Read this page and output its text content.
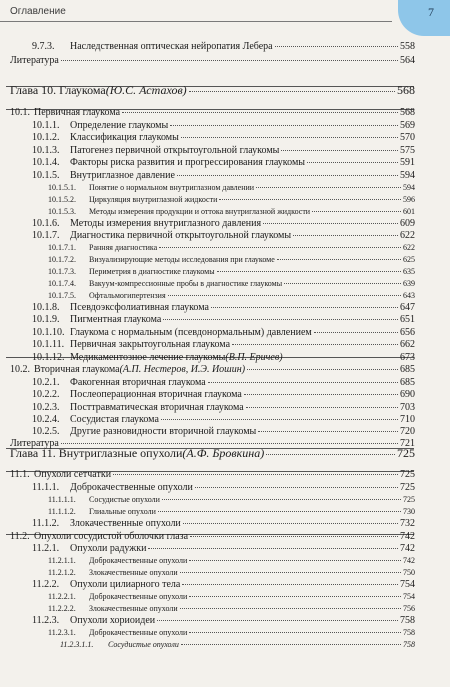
7
Оглавление
9.7.3.	Наследственная оптическая нейропатия Лебера	558
Литература	564
Глава 10. Глаукома (Ю.С. Астахов)	568
10.1. Первичная глаукома	568
10.1.1.	Определение глаукомы	569
10.1.2.	Классификация глаукомы	570
10.1.3.	Патогенез первичной открытоугольной глаукомы	575
10.1.4.	Факторы риска развития и прогрессирования глаукомы	591
10.1.5.	Внутриглазное давление	594
10.1.5.1.	Понятие о нормальном внутриглазном давлении	594
10.1.5.2.	Циркуляция внутриглазной жидкости	596
10.1.5.3.	Методы измерения продукции и оттока внутриглазной жидкости	601
10.1.6.	Методы измерения внутриглазного давления	609
10.1.7.	Диагностика первичной открытоугольной глаукомы	622
10.1.7.1.	Ранняя диагностика	622
10.1.7.2.	Визуализирующие методы исследования при глаукоме	625
10.1.7.3.	Периметрия в диагностике глаукомы	635
10.1.7.4.	Вакуум-компрессионные пробы в диагностике глаукомы	639
10.1.7.5.	Офтальмогипертензия	643
10.1.8.	Псевдоэксфолиативная глаукома	647
10.1.9.	Пигментная глаукома	651
10.1.10. Глаукома с нормальным (псевдонормальным) давлением	656
10.1.11. Первичная закрытоугольная глаукома	662
10.1.12. Медикаментозное лечение глаукомы (В.П. Еричев)	673
10.2. Вторичная глаукома (А.П. Нестеров, И.Э. Иошин)	685
10.2.1.	Факогенная вторичная глаукома	685
10.2.2.	Послеоперационная вторичная глаукома	690
10.2.3.	Посттравматическая вторичная глаукома	703
10.2.4.	Сосудистая глаукома	710
10.2.5.	Другие разновидности вторичной глаукомы	720
Литература	721
Глава 11. Внутриглазные опухоли (А.Ф. Бровкина)	725
11.1. Опухоли сетчатки	725
11.1.1.	Доброкачественные опухоли	725
11.1.1.1.	Сосудистые опухоли	725
11.1.1.2.	Глиальные опухоли	730
11.1.2.	Злокачественные опухоли	732
11.2. Опухоли сосудистой оболочки глаза	742
11.2.1.	Опухоли радужки	742
11.2.1.1.	Доброкачественные опухоли	742
11.2.1.2.	Злокачественные опухоли	750
11.2.2.	Опухоли цилиарного тела	754
11.2.2.1.	Доброкачественные опухоли	754
11.2.2.2.	Злокачественные опухоли	756
11.2.3.	Опухоли хориоидеи	758
11.2.3.1.	Доброкачественные опухоли	758
11.2.3.1.1.	Сосудистые опухоли	758
